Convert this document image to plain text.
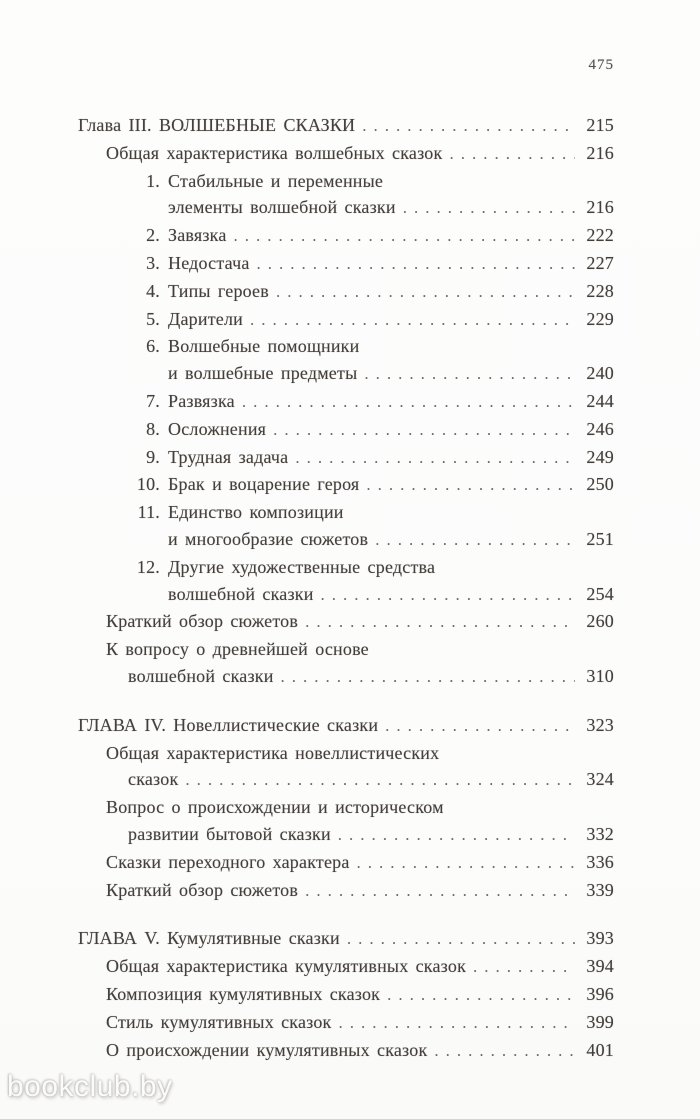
475
Глава III. ВОЛШЕБНЫЕ СКАЗКИ .....	215
Общая характеристика волшебных сказок .....	216
1. Стабильные и переменные
элементы волшебной сказки .....	216
2. Завязка .....	222
3. Недостача .....	227
4. Типы героев .....	228
5. Дарители .....	229
6. Волшебные помощники
и волшебные предметы .....	240
7. Развязка .....	244
8. Осложнения .....	246
9. Трудная задача .....	249
10. Брак и воцарение героя .....	250
11. Единство композиции
и многообразие сюжетов .....	251
12. Другие художественные средства
волшебной сказки .....	254
Краткий обзор сюжетов .....	260
К вопросу о древнейшей основе
волшебной сказки .....	310
ГЛАВА IV. Новеллистические сказки .....	323
Общая характеристика новеллистических
сказок .....	324
Вопрос о происхождении и историческом
развитии бытовой сказки .....	332
Сказки переходного характера .....	336
Краткий обзор сюжетов .....	339
ГЛАВА V. Кумулятивные сказки .....	393
Общая характеристика кумулятивных сказок .....	394
Композиция кумулятивных сказок .....	396
Стиль кумулятивных сказок .....	399
О происхождении кумулятивных сказок .....	401
bookclub.by
